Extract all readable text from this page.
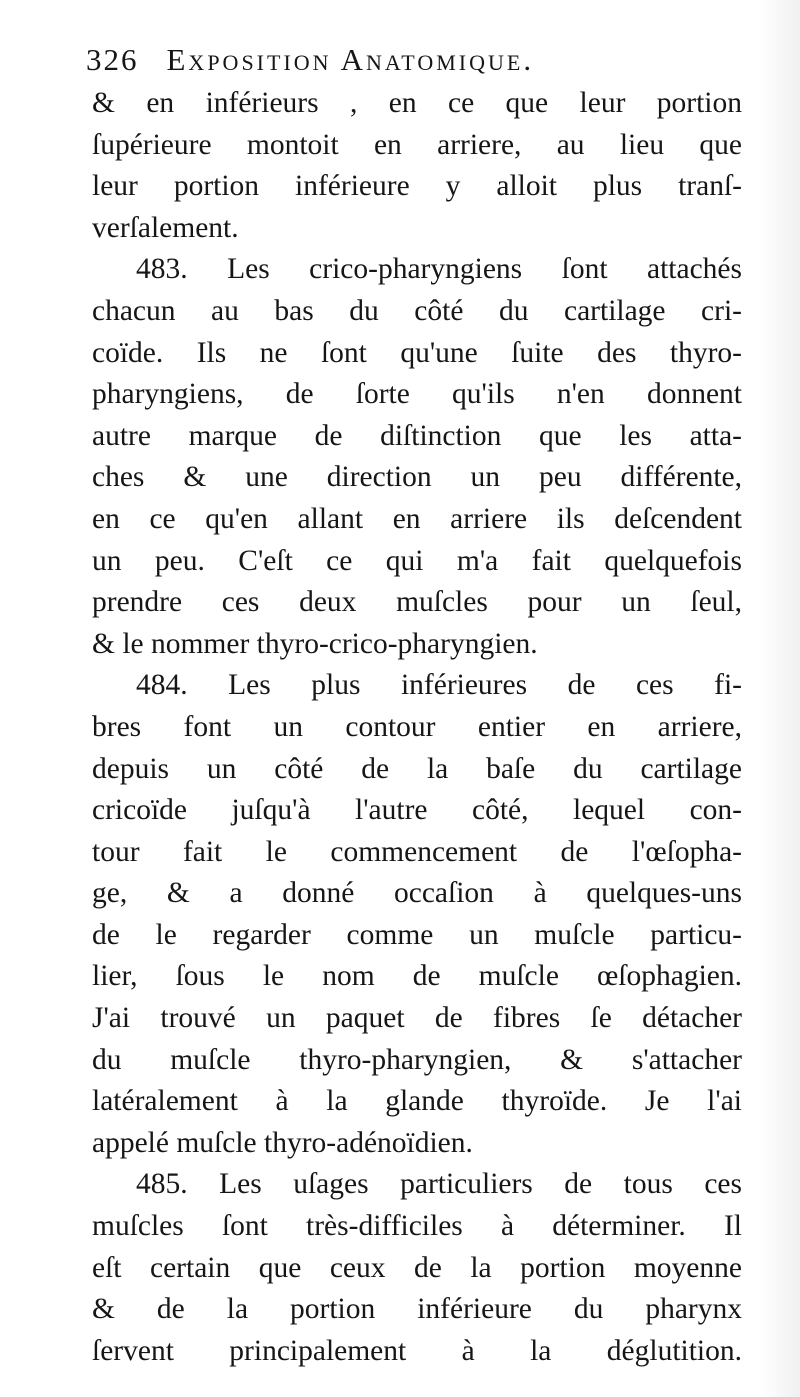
326 Exposition Anatomique.
& en inférieurs , en ce que leur portion
ſupérieure montoit en arriere, au lieu que
leur portion inférieure y alloit plus tranſ-
verſalement.
483. Les crico-pharyngiens ſont attachés
chacun au bas du côté du cartilage cri-
coïde. Ils ne ſont qu'une ſuite des thyro-
pharyngiens, de ſorte qu'ils n'en donnent
autre marque de diſtinction que les atta-
ches & une direction un peu différente,
en ce qu'en allant en arriere ils deſcendent
un peu. C'eſt ce qui m'a fait quelquefois
prendre ces deux muſcles pour un ſeul,
& le nommer thyro-crico-pharyngien.
484. Les plus inférieures de ces fi-
bres font un contour entier en arriere,
depuis un côté de la baſe du cartilage
cricoïde juſqu'à l'autre côté, lequel con-
tour fait le commencement de l'œſopha-
ge, & a donné occaſion à quelques-uns
de le regarder comme un muſcle particu-
lier, ſous le nom de muſcle œſophagien.
J'ai trouvé un paquet de fibres ſe détacher
du muſcle thyro-pharyngien, & s'attacher
latéralement à la glande thyroïde. Je l'ai
appelé muſcle thyro-adénoïdien.
485. Les uſages particuliers de tous ces
muſcles ſont très-difficiles à déterminer. Il
eſt certain que ceux de la portion moyenne
& de la portion inférieure du pharynx
ſervent principalement à la déglutition.
